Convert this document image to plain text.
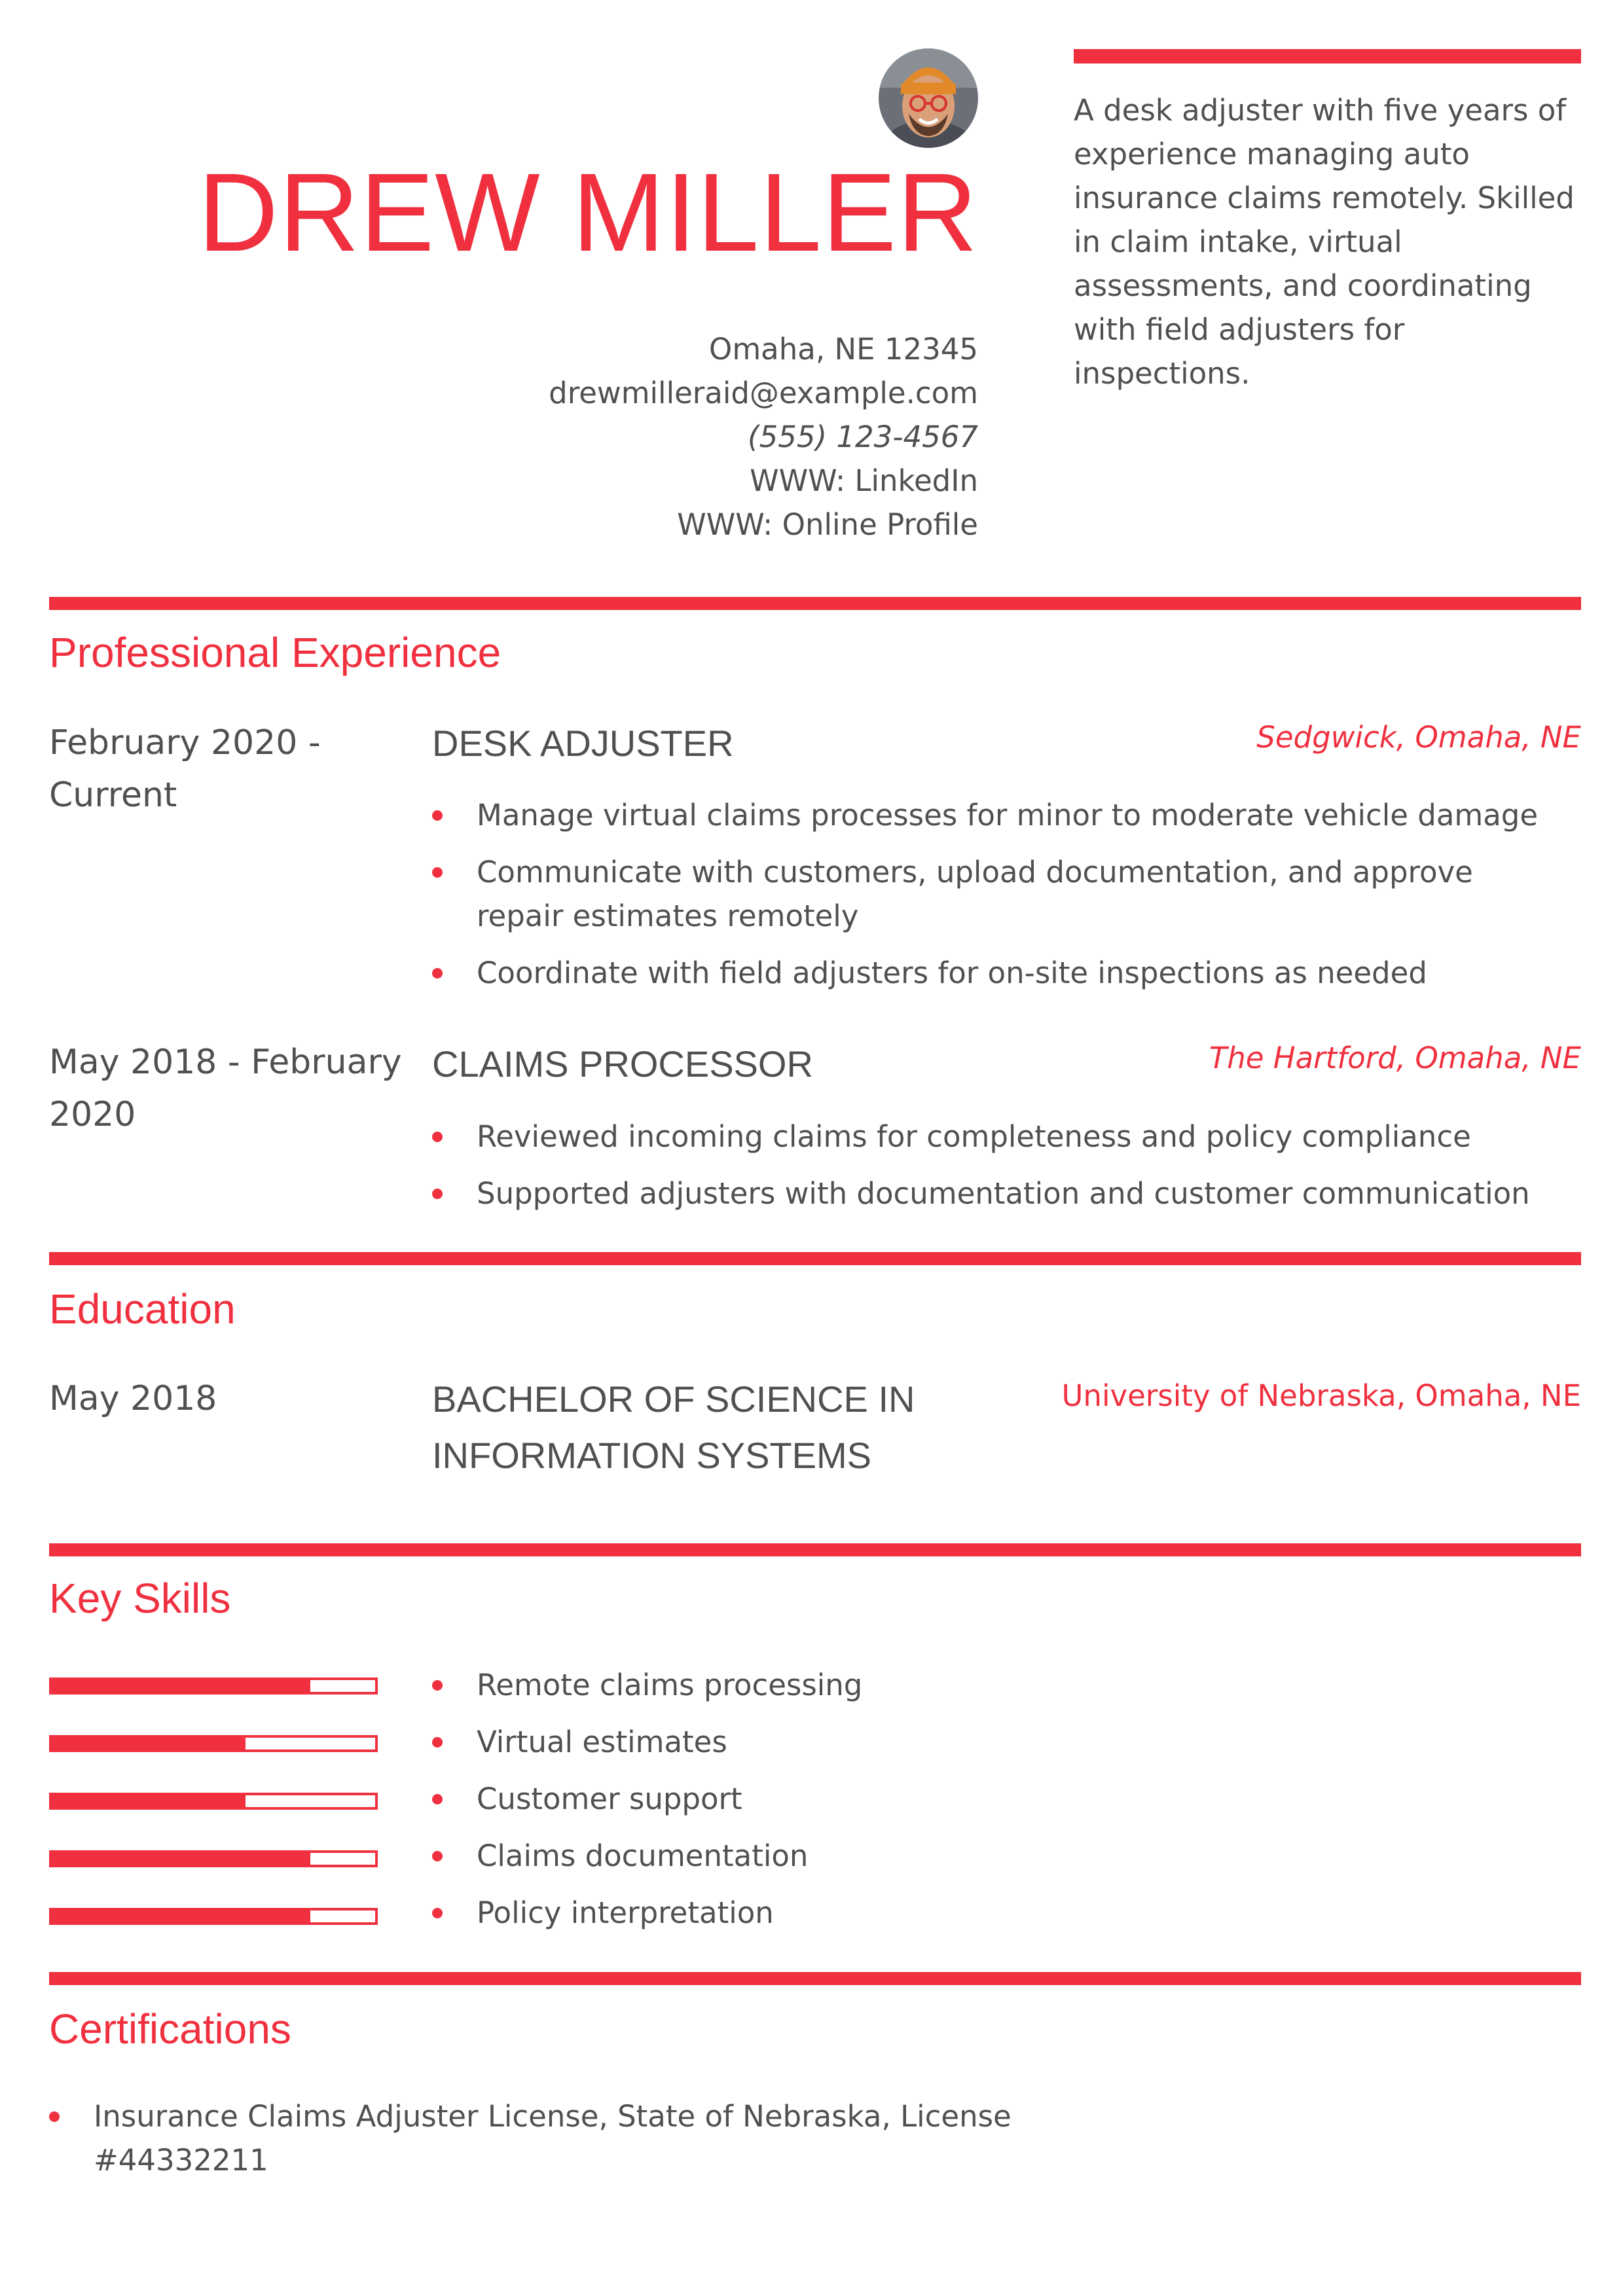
DREW MILLER
Omaha, NE 12345
drewmilleraid@example.com
(555) 123-4567
WWW: LinkedIn
WWW: Online Profile
A desk adjuster with five years of experience managing auto insurance claims remotely. Skilled in claim intake, virtual assessments, and coordinating with field adjusters for inspections.
Professional Experience
February 2020 - Current
DESK ADJUSTER	Sedgwick, Omaha, NE
Manage virtual claims processes for minor to moderate vehicle damage
Communicate with customers, upload documentation, and approve repair estimates remotely
Coordinate with field adjusters for on-site inspections as needed
May 2018 - February 2020
CLAIMS PROCESSOR	The Hartford, Omaha, NE
Reviewed incoming claims for completeness and policy compliance
Supported adjusters with documentation and customer communication
Education
May 2018	BACHELOR OF SCIENCE IN INFORMATION SYSTEMS
University of Nebraska, Omaha, NE
Key Skills
Remote claims processing
Virtual estimates
Customer support
Claims documentation
Policy interpretation
Certifications
Insurance Claims Adjuster License, State of Nebraska, License #44332211
